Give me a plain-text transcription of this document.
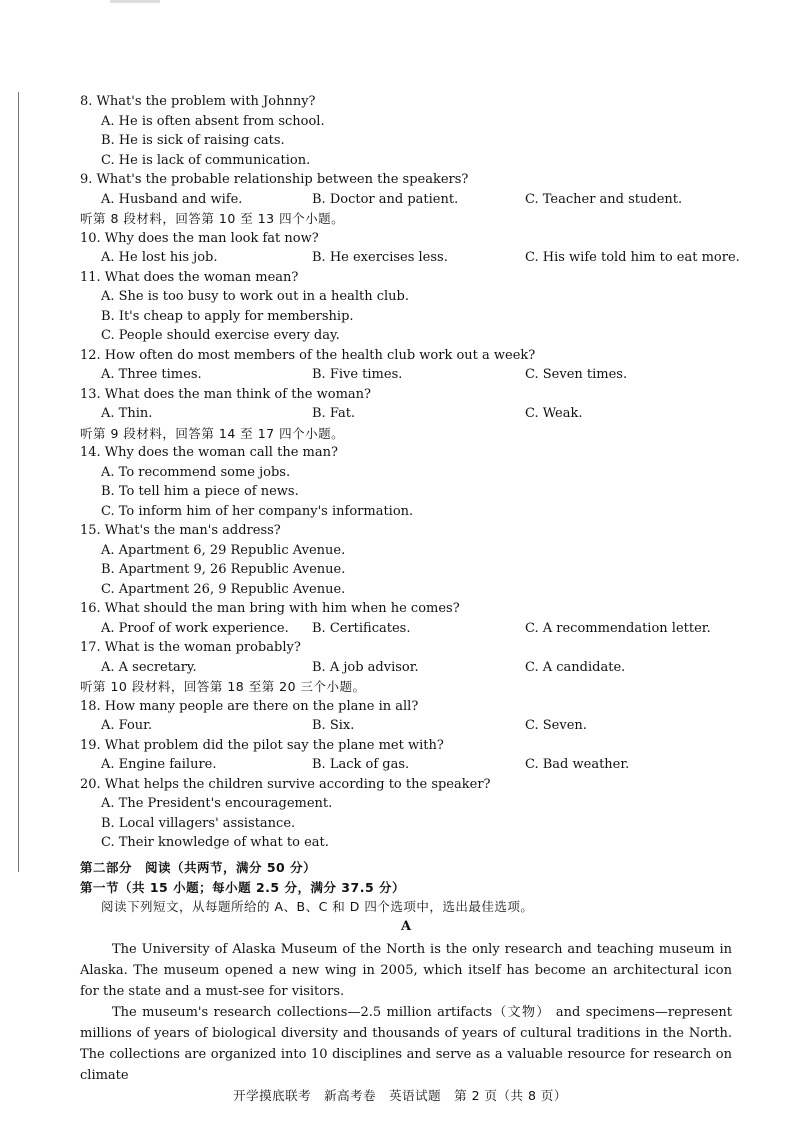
8. What's the problem with Johnny?
A. He is often absent from school.
B. He is sick of raising cats.
C. He is lack of communication.
9. What's the probable relationship between the speakers?
A. Husband and wife.	B. Doctor and patient.	C. Teacher and student.
听第 8 段材料，回答第 10 至 13 四个小题。
10. Why does the man look fat now?
A. He lost his job.	B. He exercises less.	C. His wife told him to eat more.
11. What does the woman mean?
A. She is too busy to work out in a health club.
B. It's cheap to apply for membership.
C. People should exercise every day.
12. How often do most members of the health club work out a week?
A. Three times.	B. Five times.	C. Seven times.
13. What does the man think of the woman?
A. Thin.	B. Fat.	C. Weak.
听第 9 段材料，回答第 14 至 17 四个小题。
14. Why does the woman call the man?
A. To recommend some jobs.
B. To tell him a piece of news.
C. To inform him of her company's information.
15. What's the man's address?
A. Apartment 6, 29 Republic Avenue.
B. Apartment 9, 26 Republic Avenue.
C. Apartment 26, 9 Republic Avenue.
16. What should the man bring with him when he comes?
A. Proof of work experience. B. Certificates.	C. A recommendation letter.
17. What is the woman probably?
A. A secretary.	B. A job advisor.	C. A candidate.
听第 10 段材料，回答第 18 至第 20 三个小题。
18. How many people are there on the plane in all?
A. Four.	B. Six.	C. Seven.
19. What problem did the pilot say the plane met with?
A. Engine failure.	B. Lack of gas.	C. Bad weather.
20. What helps the children survive according to the speaker?
A. The President's encouragement.
B. Local villagers' assistance.
C. Their knowledge of what to eat.
第二部分　阅读（共两节，满分 50 分）
第一节（共 15 小题；每小题 2.5 分，满分 37.5 分）
阅读下列短文，从每题所给的 A、B、C 和 D 四个选项中，选出最佳选项。
A

The University of Alaska Museum of the North is the only research and teaching museum in Alaska. The museum opened a new wing in 2005, which itself has become an architectural icon for the state and a must-see for visitors.

The museum's research collections—2.5 million artifacts（文物） and specimens—represent millions of years of biological diversity and thousands of years of cultural traditions in the North. The collections are organized into 10 disciplines and serve as a valuable resource for research on climate

开学摸底联考　新高考卷　英语试题　第 2 页（共 8 页）
